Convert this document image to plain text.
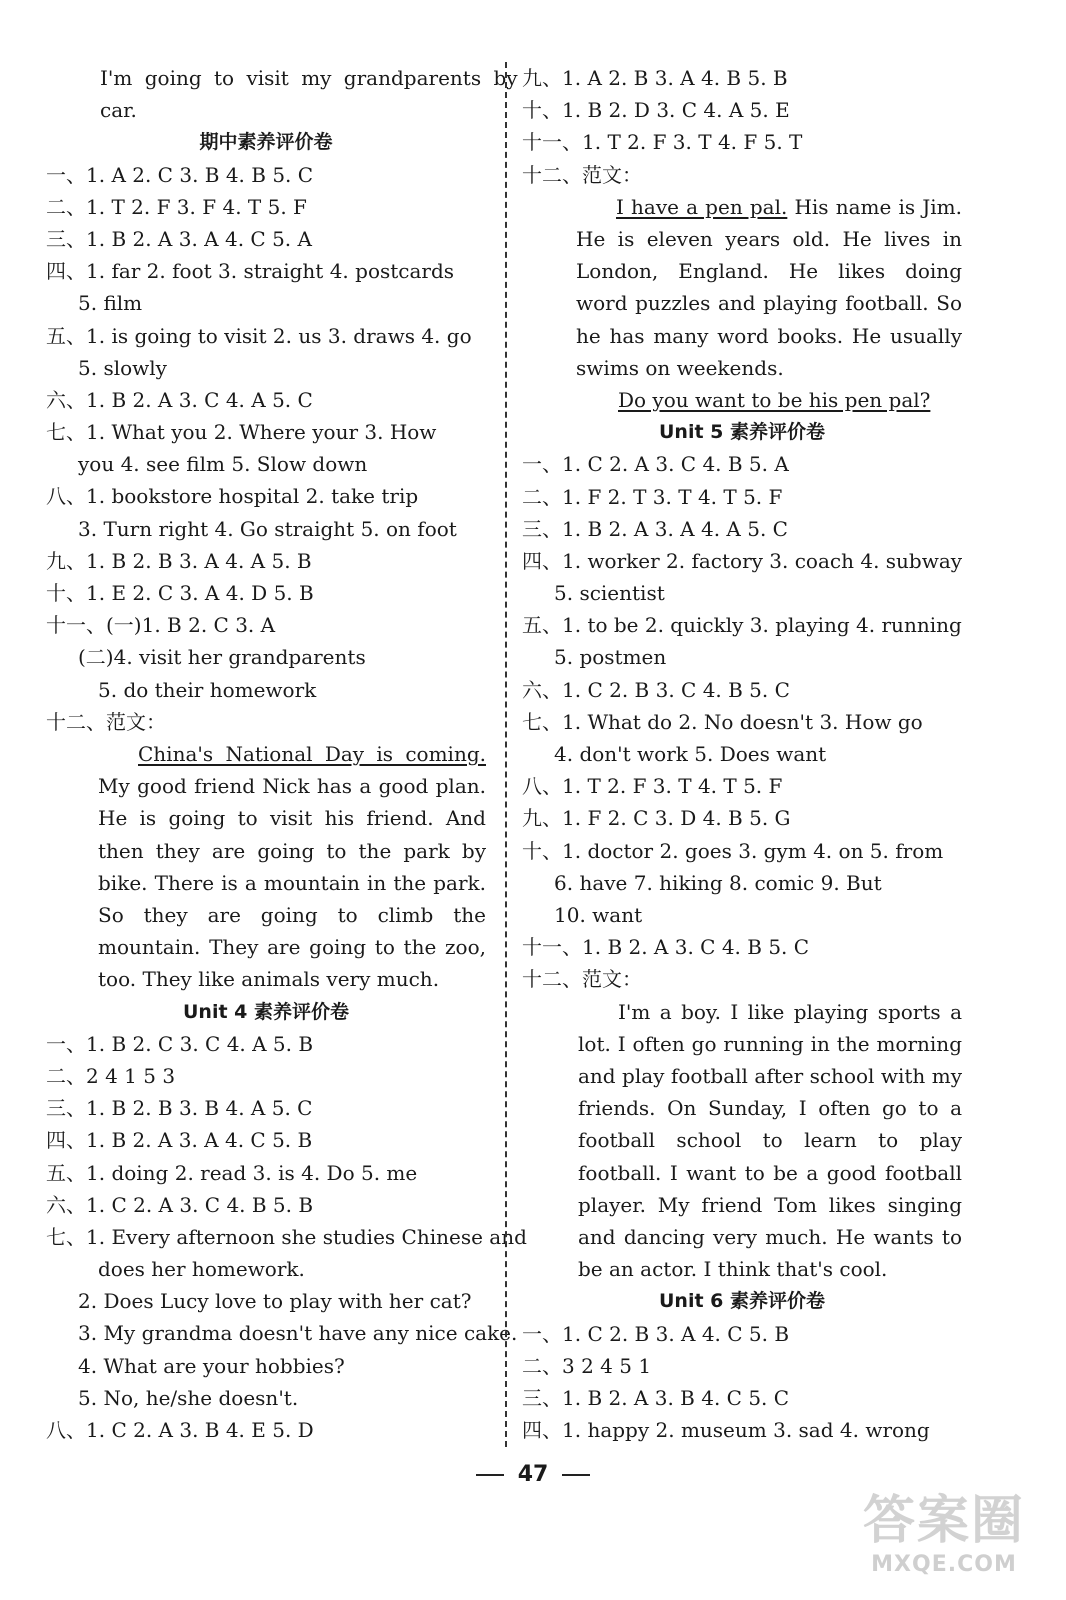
I'm going to visit my grandparents by
car.
期中素养评价卷
一、1. A 2. C 3. B 4. B 5. C
二、1. T 2. F 3. F 4. T 5. F
三、1. B 2. A 3. A 4. C 5. A
四、1. far 2. foot 3. straight 4. postcards
5. film
五、1. is going to visit 2. us 3. draws 4. go
5. slowly
六、1. B 2. A 3. C 4. A 5. C
七、1. What you 2. Where your 3. How
you 4. see film 5. Slow down
八、1. bookstore hospital 2. take trip
3. Turn right 4. Go straight 5. on foot
九、1. B 2. B 3. A 4. A 5. B
十、1. E 2. C 3. A 4. D 5. B
十一、(一)1. B 2. C 3. A
(二)4. visit her grandparents
5. do their homework
十二、范文：
China's National Day is coming. My good friend Nick has a good plan. He is going to visit his friend. And then they are going to the park by bike. There is a mountain in the park. So they are going to climb the mountain. They are going to the zoo, too. They like animals very much.
Unit 4 素养评价卷
一、1. B 2. C 3. C 4. A 5. B
二、2 4 1 5 3
三、1. B 2. B 3. B 4. A 5. C
四、1. B 2. A 3. A 4. C 5. B
五、1. doing 2. read 3. is 4. Do 5. me
六、1. C 2. A 3. C 4. B 5. B
七、1. Every afternoon she studies Chinese and
does her homework.
2. Does Lucy love to play with her cat?
3. My grandma doesn't have any nice cake.
4. What are your hobbies?
5. No, he/she doesn't.
八、1. C 2. A 3. B 4. E 5. D
九、1. A 2. B 3. A 4. B 5. B
十、1. B 2. D 3. C 4. A 5. E
十一、1. T 2. F 3. T 4. F 5. T
十二、范文：
I have a pen pal. His name is Jim. He is eleven years old. He lives in London, England. He likes doing word puzzles and playing football. So he has many word books. He usually swims on weekends.
Do you want to be his pen pal?
Unit 5 素养评价卷
一、1. C 2. A 3. C 4. B 5. A
二、1. F 2. T 3. T 4. T 5. F
三、1. B 2. A 3. A 4. A 5. C
四、1. worker 2. factory 3. coach 4. subway
5. scientist
五、1. to be 2. quickly 3. playing 4. running
5. postmen
六、1. C 2. B 3. C 4. B 5. C
七、1. What do 2. No doesn't 3. How go
4. don't work 5. Does want
八、1. T 2. F 3. T 4. T 5. F
九、1. F 2. C 3. D 4. B 5. G
十、1. doctor 2. goes 3. gym 4. on 5. from
6. have 7. hiking 8. comic 9. But
10. want
十一、1. B 2. A 3. C 4. B 5. C
十二、范文：
I'm a boy. I like playing sports a lot. I often go running in the morning and play football after school with my friends. On Sunday, I often go to a football school to learn to play football. I want to be a good football player. My friend Tom likes singing and dancing very much. He wants to be an actor. I think that's cool.
Unit 6 素养评价卷
一、1. C 2. B 3. A 4. C 5. B
二、3 2 4 5 1
三、1. B 2. A 3. B 4. C 5. C
四、1. happy 2. museum 3. sad 4. wrong
47
答案圈
MXQE.COM
